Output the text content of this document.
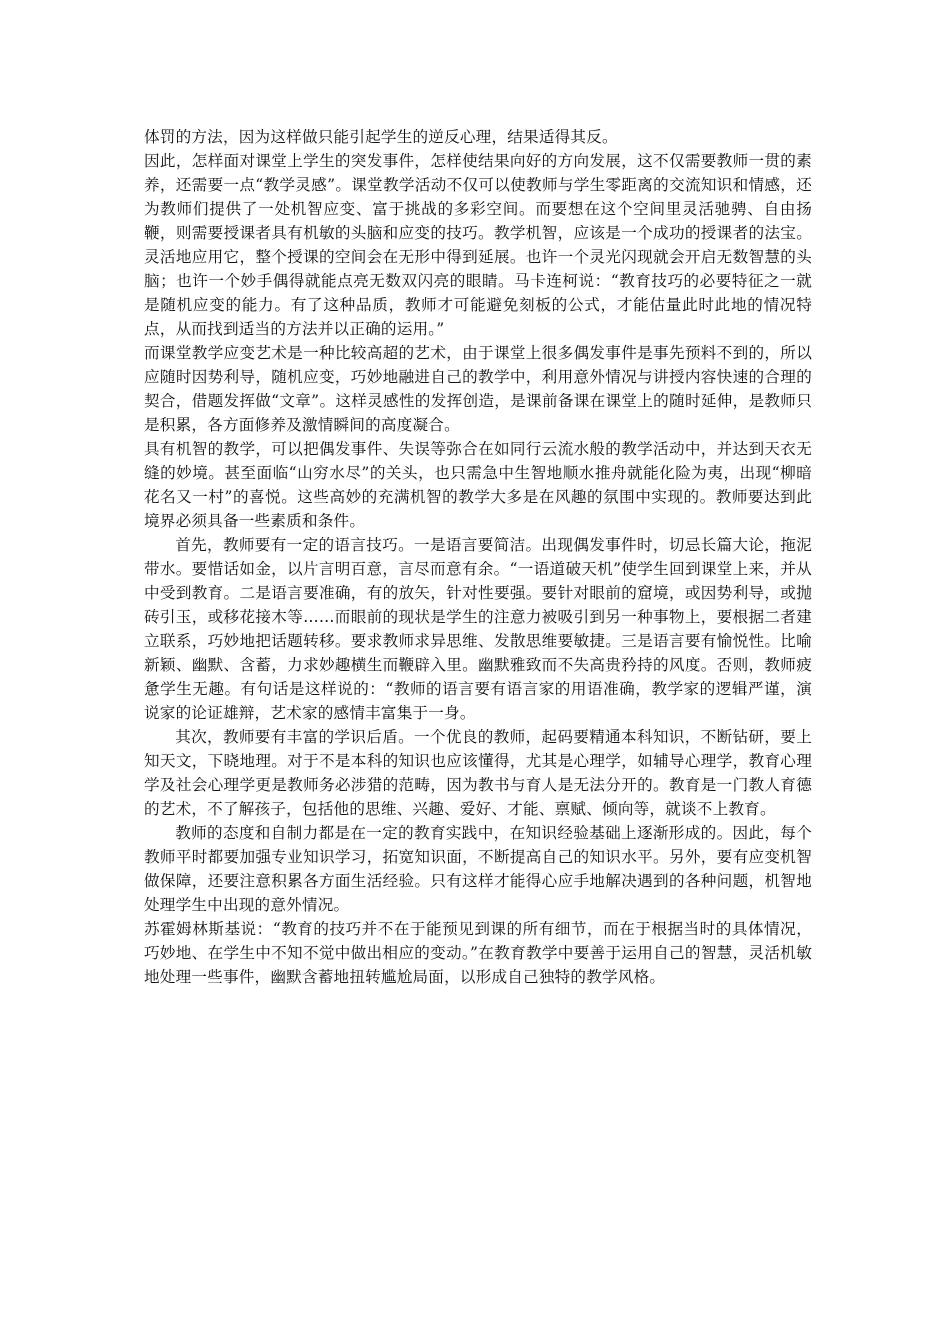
体罚的方法，因为这样做只能引起学生的逆反心理，结果适得其反。

因此，怎样面对课堂上学生的突发事件，怎样使结果向好的方向发展，这不仅需要教师一贯的素养，还需要一点“教学灵感”。课堂教学活动不仅可以使教师与学生零距离的交流知识和情感，还为教师们提供了一处机智应变、富于挑战的多彩空间。而要想在这个空间里灵活驰骋、自由扬鞭，则需要授课者具有机敏的头脑和应变的技巧。教学机智，应该是一个成功的授课者的法宝。灵活地应用它，整个授课的空间会在无形中得到延展。也许一个灵光闪现就会开启无数智慧的头脑；也许一个妙手偶得就能点亮无数双闪亮的眼睛。马卡连柯说：“教育技巧的必要特征之一就是随机应变的能力。有了这种品质，教师才可能避免刻板的公式，才能估量此时此地的情况特点，从而找到适当的方法并以正确的运用。”

而课堂教学应变艺术是一种比较高超的艺术，由于课堂上很多偶发事件是事先预料不到的，所以应随时因势利导，随机应变，巧妙地融进自己的教学中，利用意外情况与讲授内容快速的合理的契合，借题发挥做“文章”。这样灵感性的发挥创造，是课前备课在课堂上的随时延伸，是教师只是积累，各方面修养及激情瞬间的高度凝合。

具有机智的教学，可以把偶发事件、失误等弥合在如同行云流水般的教学活动中，并达到天衣无缝的妙境。甚至面临“山穷水尽”的关头，也只需急中生智地顺水推舟就能化险为夷，出现“柳暗花名又一村”的喜悦。这些高妙的充满机智的教学大多是在风趣的氛围中实现的。教师要达到此境界必须具备一些素质和条件。

首先，教师要有一定的语言技巧。一是语言要简洁。出现偶发事件时，切忌长篇大论，拖泥带水。要惜话如金，以片言明百意，言尽而意有余。“一语道破天机”使学生回到课堂上来，并从中受到教育。二是语言要准确，有的放矢，针对性要强。要针对眼前的窟境，或因势利导，或抛砖引玉，或移花接木等……而眼前的现状是学生的注意力被吸引到另一种事物上，要根据二者建立联系，巧妙地把话题转移。要求教师求异思维、发散思维要敏捷。三是语言要有愉悦性。比喻新颖、幽默、含蓄，力求妙趣横生而鞭辟入里。幽默雅致而不失高贵矜持的风度。否则，教师疲惫学生无趣。有句话是这样说的：“教师的语言要有语言家的用语准确，教学家的逻辑严谨，演说家的论证雄辩，艺术家的感情丰富集于一身。

其次，教师要有丰富的学识后盾。一个优良的教师，起码要精通本科知识，不断钻研，要上知天文，下晓地理。对于不是本科的知识也应该懂得，尤其是心理学，如辅导心理学，教育心理学及社会心理学更是教师务必涉猎的范畴，因为教书与育人是无法分开的。教育是一门教人育德的艺术，不了解孩子，包括他的思维、兴趣、爱好、才能、禀赋、倾向等，就谈不上教育。

教师的态度和自制力都是在一定的教育实践中，在知识经验基础上逐渐形成的。因此，每个教师平时都要加强专业知识学习，拓宽知识面，不断提高自己的知识水平。另外，要有应变机智做保障，还要注意积累各方面生活经验。只有这样才能得心应手地解决遇到的各种问题，机智地处理学生中出现的意外情况。

苏霍姆林斯基说：“教育的技巧并不在于能预见到课的所有细节，而在于根据当时的具体情况，巧妙地、在学生中不知不觉中做出相应的变动。”在教育教学中要善于运用自己的智慧，灵活机敏地处理一些事件，幽默含蓄地扭转尴尬局面，以形成自己独特的教学风格。
